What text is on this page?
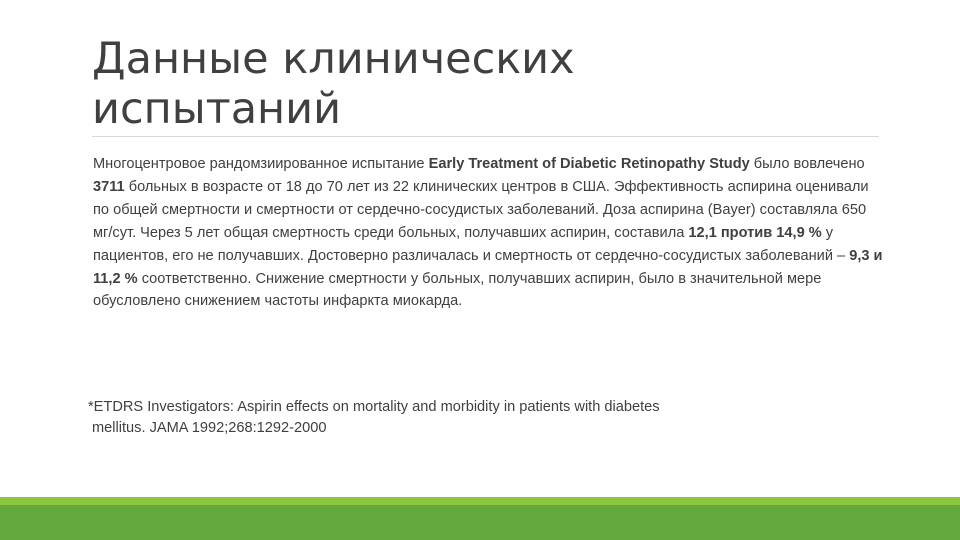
Данные клинических
испытаний

Многоцентровое рандомзиированное испытание Early Treatment of Diabetic Retinopathy Study было вовлечено 3711 больных в возрасте от 18 до 70 лет из 22 клинических центров в США. Эффективность аспирина оценивали по общей смертности и смертности от сердечно-сосудистых заболеваний. Доза аспирина (Bayer) составляла 650 мг/сут. Через 5 лет общая смертность среди больных, получавших аспирин, составила 12,1 против 14,9 % у пациентов, его не получавших. Достоверно различалась и смертность от сердечно-сосудистых заболеваний – 9,3 и 11,2 % соответственно. Снижение смертности у больных, получавших аспирин, было в значительной мере обусловлено снижением частоты инфаркта миокарда.

*ETDRS Investigators: Aspirin effects on mortality and morbidity in patients with diabetes
mellitus. JAMA 1992;268:1292-2000
